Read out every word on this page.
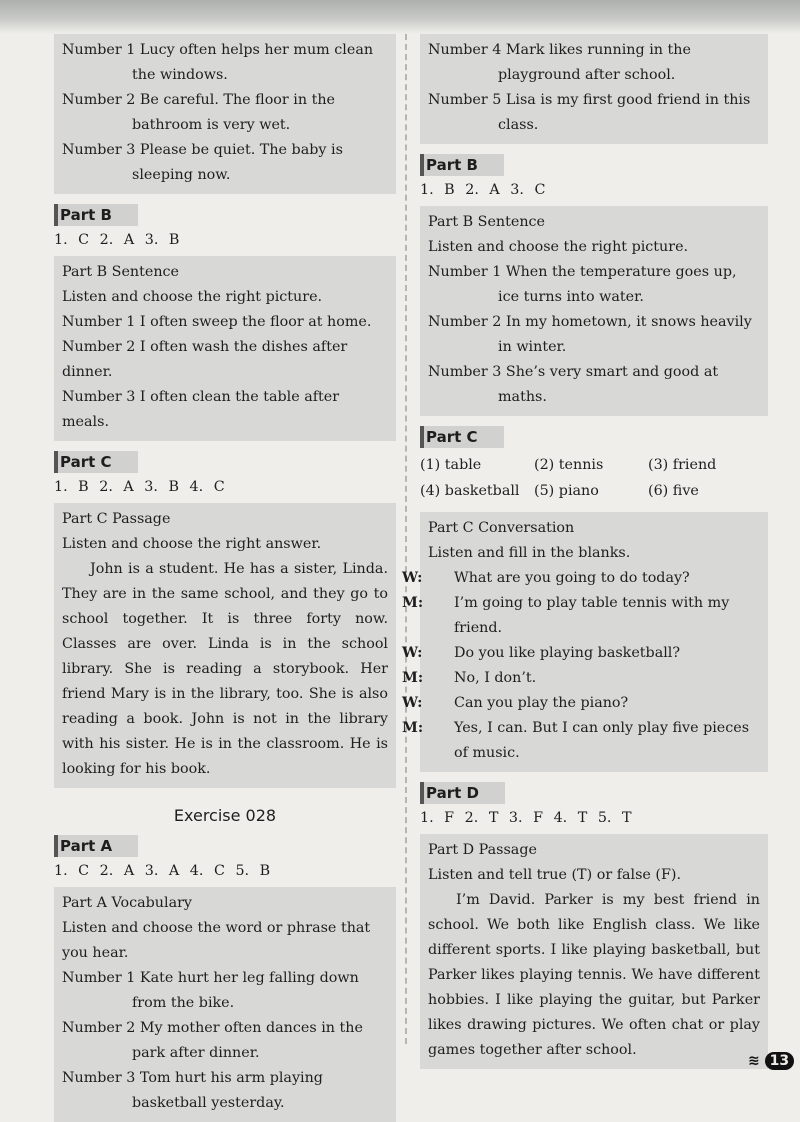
Number 1 Lucy often helps her mum clean the windows.

Number 2 Be careful. The floor in the bathroom is very wet.

Number 3 Please be quiet. The baby is sleeping now.

Part B
1. C 2. A 3. B

Part B Sentence

Listen and choose the right picture.

Number 1 I often sweep the floor at home.

Number 2 I often wash the dishes after dinner.

Number 3 I often clean the table after meals.

Part C
1. B 2. A 3. B 4. C

Part C Passage

Listen and choose the right answer.

John is a student. He has a sister, Linda. They are in the same school, and they go to school together. It is three forty now. Classes are over. Linda is in the school library. She is reading a storybook. Her friend Mary is in the library, too. She is also reading a book. John is not in the library with his sister. He is in the classroom. He is looking for his book.

Exercise 028
Part A
1. C 2. A 3. A 4. C 5. B

Part A Vocabulary

Listen and choose the word or phrase that you hear.

Number 1 Kate hurt her leg falling down from the bike.

Number 2 My mother often dances in the park after dinner.

Number 3 Tom hurt his arm playing basketball yesterday.

Number 4 Mark likes running in the playground after school.

Number 5 Lisa is my first good friend in this class.

Part B
1. B 2. A 3. C

Part B Sentence

Listen and choose the right picture.

Number 1 When the temperature goes up, ice turns into water.

Number 2 In my hometown, it snows heavily in winter.

Number 3 She’s very smart and good at maths.

Part C
(1) table	(2) tennis	(3) friend
(4) basketball	(5) piano	(6) five

Part C Conversation

Listen and fill in the blanks.

W: What are you going to do today?

M: I’m going to play table tennis with my friend.

W: Do you like playing basketball?

M: No, I don’t.

W: Can you play the piano?

M: Yes, I can. But I can only play five pieces of music.

Part D
1. F 2. T 3. F 4. T 5. T

Part D Passage

Listen and tell true (T) or false (F).

I’m David. Parker is my best friend in school. We both like English class. We like different sports. I like playing basketball, but Parker likes playing tennis. We have different hobbies. I like playing the guitar, but Parker likes drawing pictures. We often chat or play games together after school.

≋ 13
